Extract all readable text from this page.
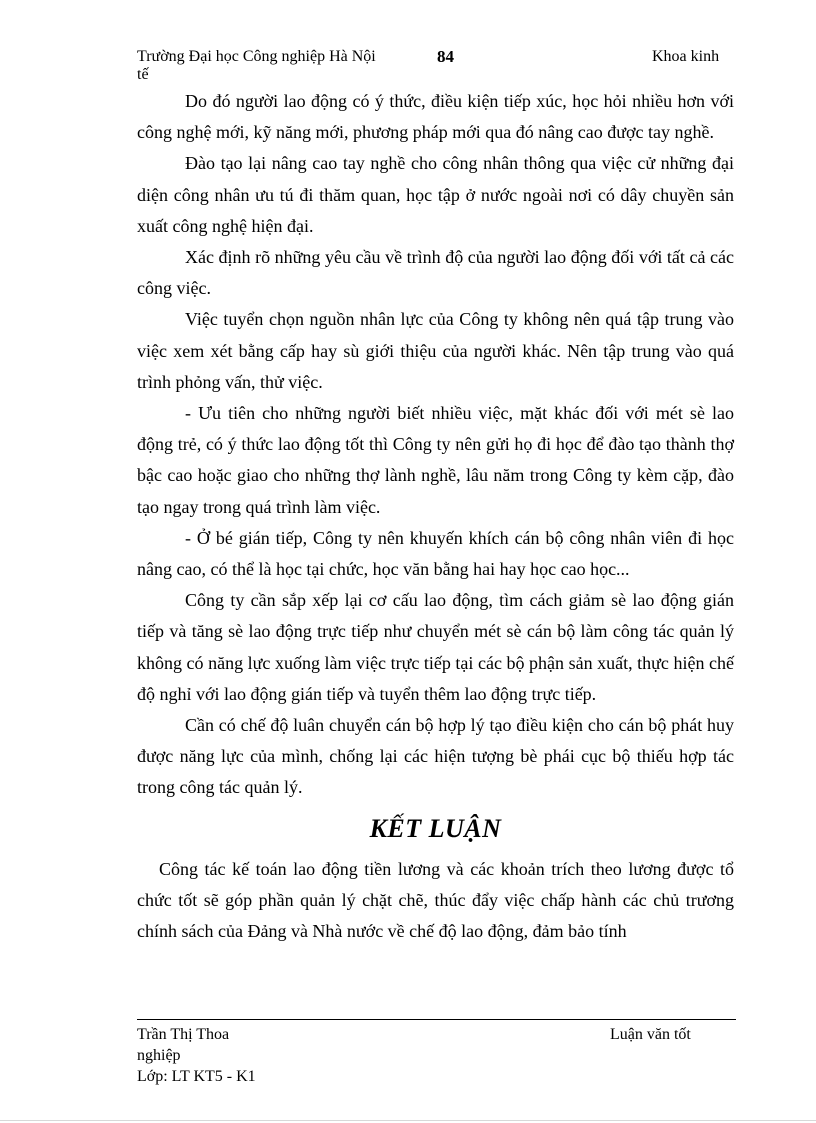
Trường Đại học Công nghiệp Hà Nội	84	Khoa kinh
tế

Do đó người lao động có ý thức, điều kiện tiếp xúc, học hỏi nhiều hơn với công nghệ mới, kỹ năng mới, phương pháp mới qua đó nâng cao được tay nghề.

Đào tạo lại nâng cao tay nghề cho công nhân thông qua việc cử những đại diện công nhân ưu tú đi thăm quan, học tập ở nước ngoài nơi có dây chuyền sản xuất công nghệ hiện đại.

Xác định rõ những yêu cầu về trình độ của người lao động đối với tất cả các công việc.

Việc tuyển chọn nguồn nhân lực của Công ty không nên quá tập trung vào việc xem xét bằng cấp hay sù giới thiệu của người khác. Nên tập trung vào quá trình phỏng vấn, thử việc.

- Ưu tiên cho những người biết nhiều việc, mặt khác đối với mét sè lao động trẻ, có ý thức lao động tốt thì Công ty nên gửi họ đi học để đào tạo thành thợ bậc cao hoặc giao cho những thợ lành nghề, lâu năm trong Công ty kèm cặp, đào tạo ngay trong quá trình làm việc.

- Ở bé gián tiếp, Công ty nên khuyến khích cán bộ công nhân viên đi học nâng cao, có thể là học tại chức, học văn bằng hai hay học cao học...

Công ty cần sắp xếp lại cơ cấu lao động, tìm cách giảm sè lao động gián tiếp và tăng sè lao động trực tiếp như chuyển mét sè cán bộ làm công tác quản lý không có năng lực xuống làm việc trực tiếp tại các bộ phận sản xuất, thực hiện chế độ nghỉ với lao động gián tiếp và tuyển thêm lao động trực tiếp.

Cần có chế độ luân chuyển cán bộ hợp lý tạo điều kiện cho cán bộ phát huy được năng lực của mình, chống lại các hiện tượng bè phái cục bộ thiếu hợp tác trong công tác quản lý.

KẾT LUẬN

Công tác kế toán lao động tiền lương và các khoản trích theo lương được tổ chức tốt sẽ góp phần quản lý chặt chẽ, thúc đẩy việc chấp hành các chủ trương chính sách của Đảng và Nhà nước về chế độ lao động, đảm bảo tính

Trần Thị Thoa	Luận văn tốt
nghiệp
Lớp: LT KT5 - K1
